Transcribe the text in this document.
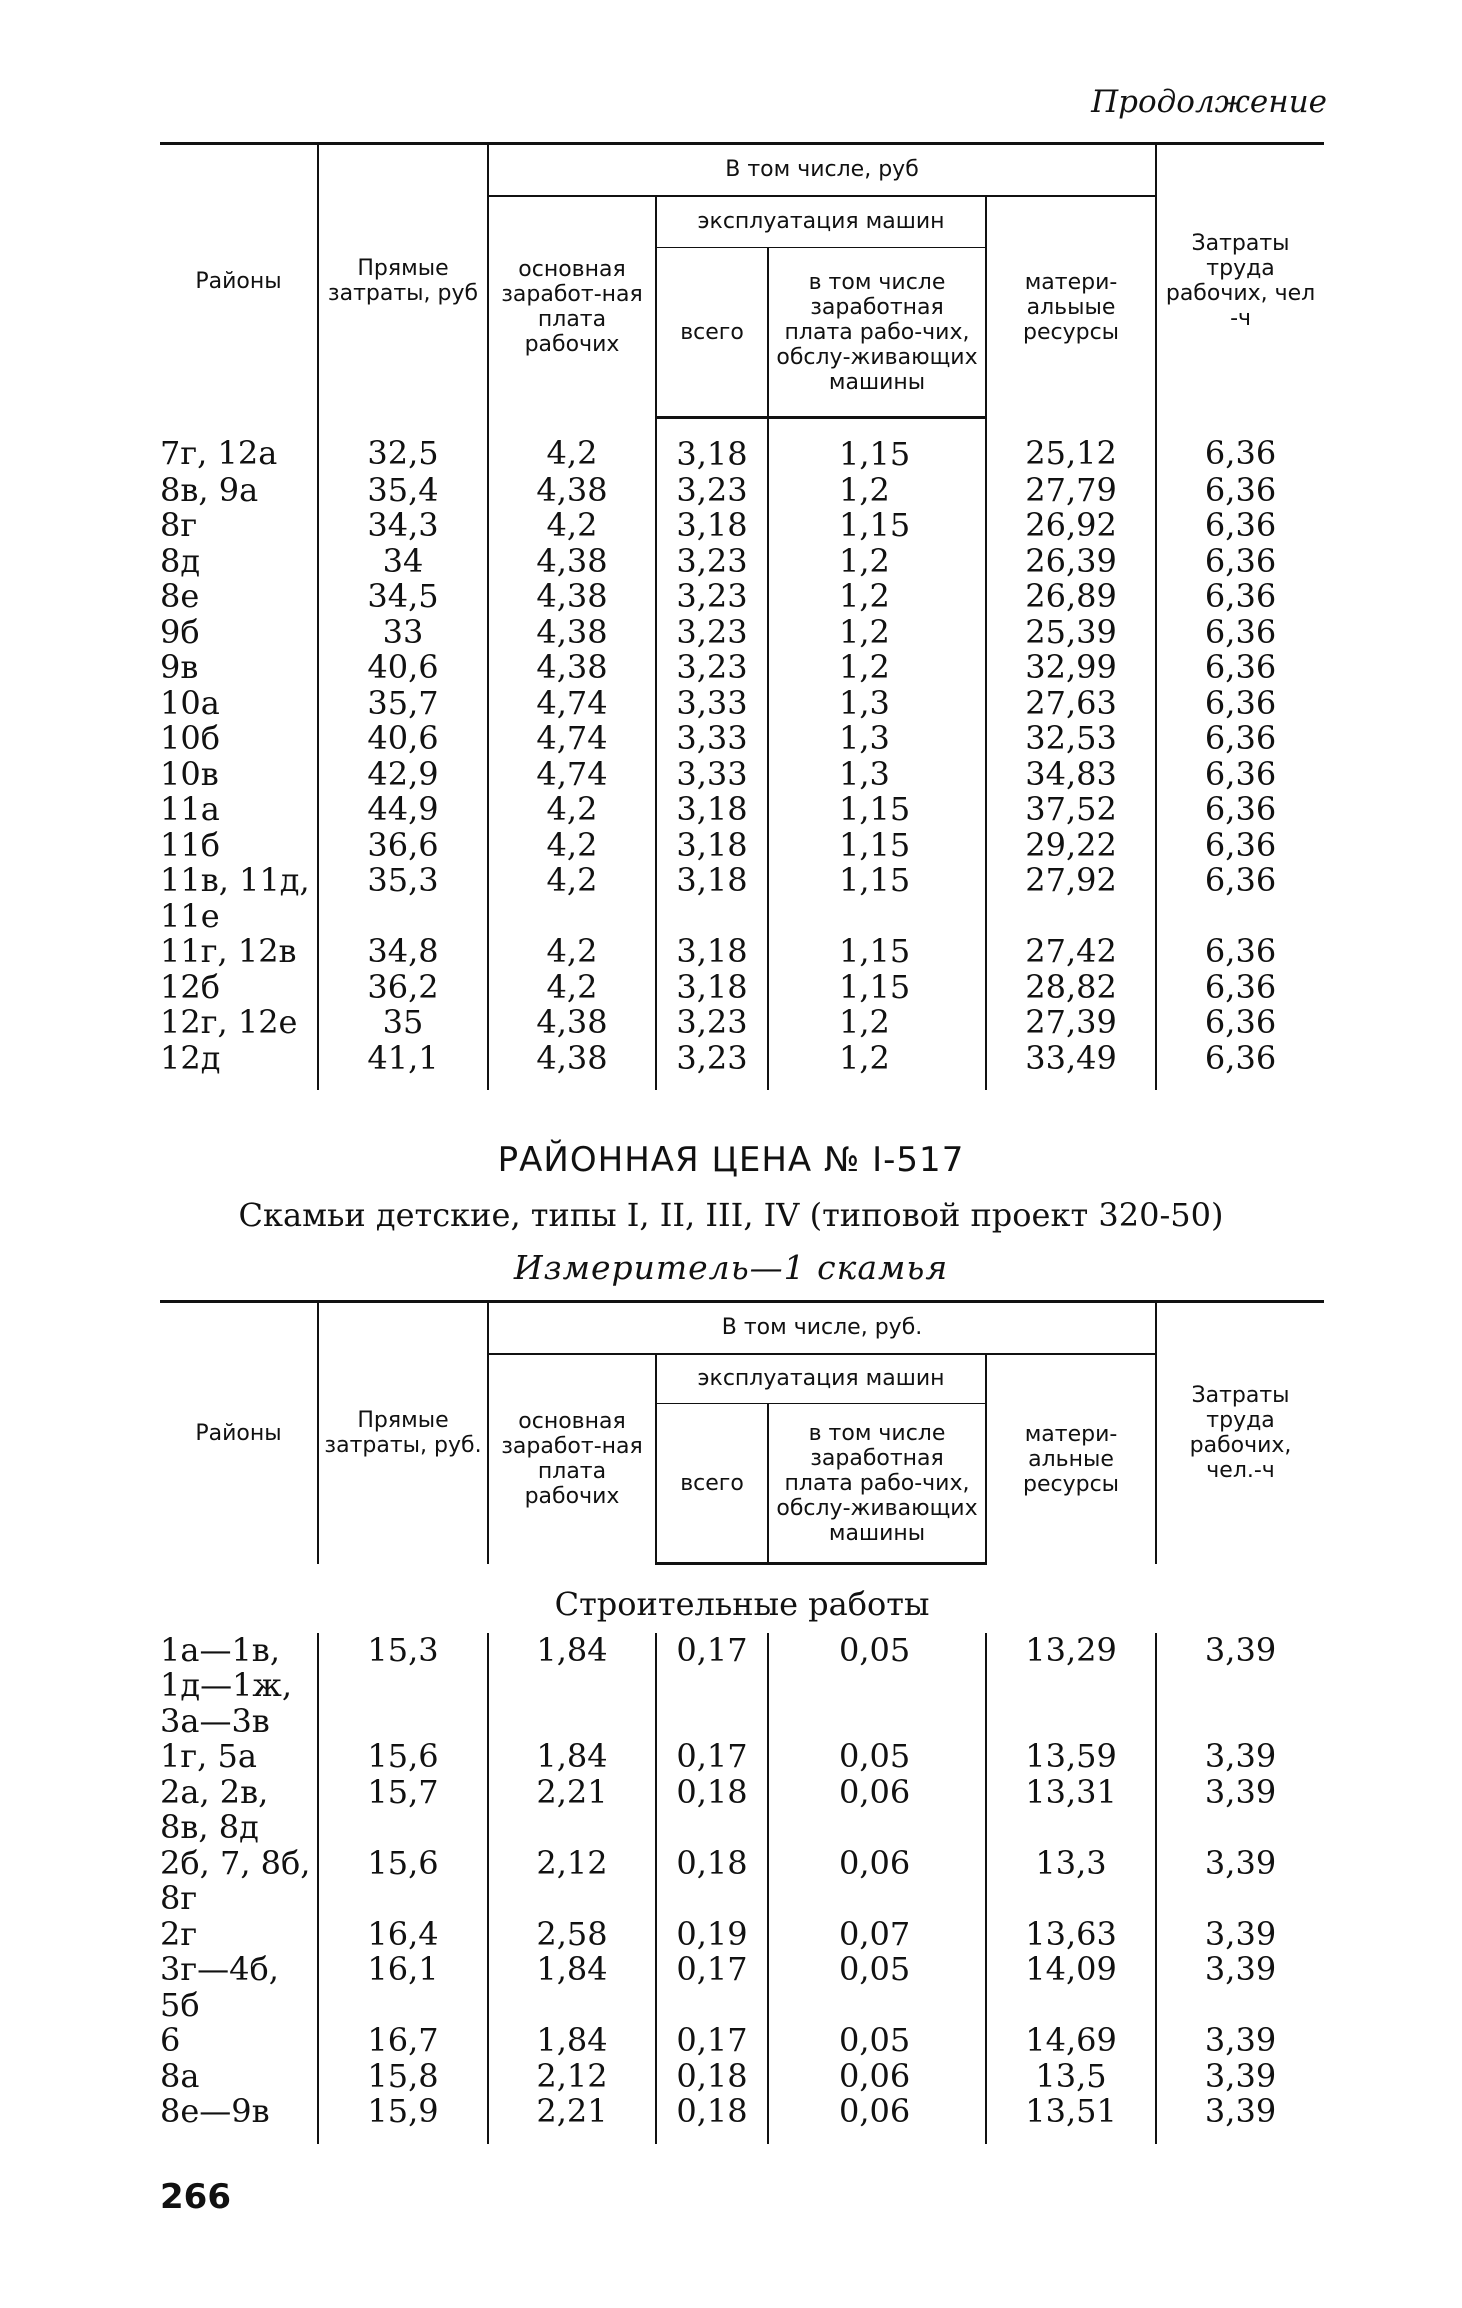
Продолжение
Районы	Прямые затраты, руб	В том числе, руб				Затраты труда рабочих, чел -ч
		основная заработ-ная плата рабочих	эксплуатация машин		матери-альыые ресурсы	
			всего	в том числе заработная плата рабо-чих, обслу-живающих машины		
7г, 12а	32,5	4,2	3,18	1,15	25,12	6,36
8в, 9а	35,4	4,38	3,23	1,2	27,79	6,36
8г	34,3	4,2	3,18	1,15	26,92	6,36
8д	34	4,38	3,23	1,2	26,39	6,36
8е	34,5	4,38	3,23	1,2	26,89	6,36
9б	33	4,38	3,23	1,2	25,39	6,36
9в	40,6	4,38	3,23	1,2	32,99	6,36
10а	35,7	4,74	3,33	1,3	27,63	6,36
10б	40,6	4,74	3,33	1,3	32,53	6,36
10в	42,9	4,74	3,33	1,3	34,83	6,36
11а	44,9	4,2	3,18	1,15	37,52	6,36
11б	36,6	4,2	3,18	1,15	29,22	6,36
11в, 11д, 11е	35,3	4,2	3,18	1,15	27,92	6,36
11г, 12в	34,8	4,2	3,18	1,15	27,42	6,36
12б	36,2	4,2	3,18	1,15	28,82	6,36
12г, 12е	35	4,38	3,23	1,2	27,39	6,36
12д	41,1	4,38	3,23	1,2	33,49	6,36
РАЙОННАЯ ЦЕНА № I-517
Скамьи детские, типы I, II, III, IV (типовой проект 320-50)
Измеритель—1 скамья
Районы	Прямые затраты, руб.	В том числе, руб.				Затраты труда рабочих, чел.-ч
		основная заработ-ная плата рабочих	эксплуатация машин		матери-альные ресурсы	
			всего	в том числе заработная плата рабо-чих, обслу-живающих машины		
Строительные работы						
1а—1в, 1д—1ж, 3а—3в	15,3	1,84	0,17	0,05	13,29	3,39
1г, 5а	15,6	1,84	0,17	0,05	13,59	3,39
2а, 2в, 8в, 8д	15,7	2,21	0,18	0,06	13,31	3,39
2б, 7, 8б, 8г	15,6	2,12	0,18	0,06	13,3	3,39
2г	16,4	2,58	0,19	0,07	13,63	3,39
3г—4б, 5б	16,1	1,84	0,17	0,05	14,09	3,39
6	16,7	1,84	0,17	0,05	14,69	3,39
8а	15,8	2,12	0,18	0,06	13,5	3,39
8е—9в	15,9	2,21	0,18	0,06	13,51	3,39
266
